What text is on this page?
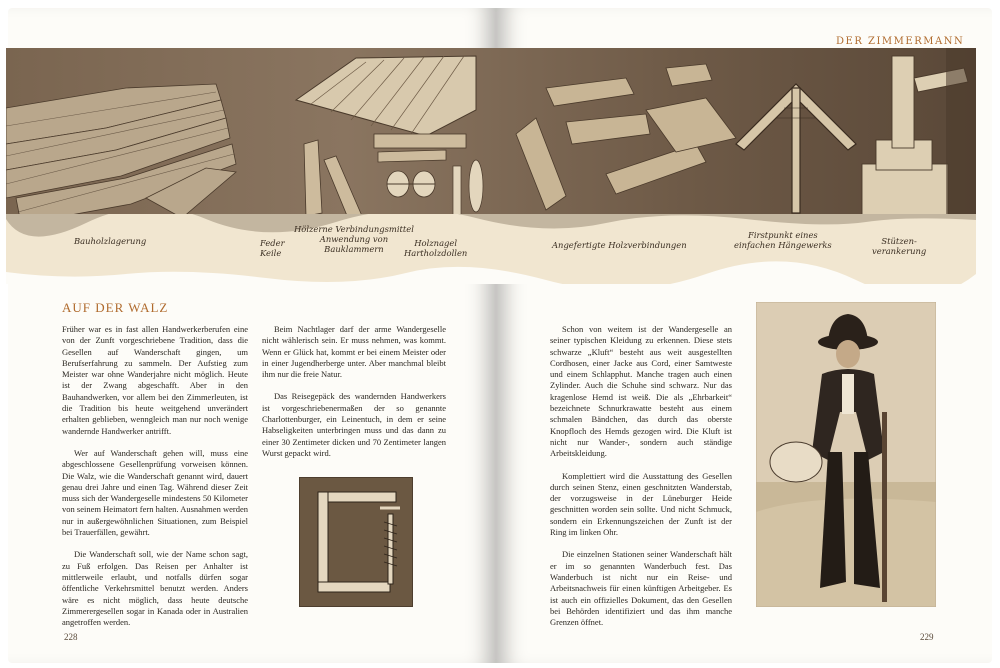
DER ZIMMERMANN
Bauholzlagerung	Feder
Keile
Hölzerne Verbindungsmittel
Anwendung von
Bauklammern
Holznagel
Hartholzdollen
Angefertigte Holzverbindungen
Firstpunkt eines
einfachen Hängewerks	Stützen-
verankerung
AUF DER WALZ

Früher war es in fast allen Handwerkerberufen eine von der Zunft vorgeschriebene Tradition, dass die Gesellen auf Wanderschaft gingen, um Berufserfahrung zu sammeln. Der Aufstieg zum Meister war ohne Wanderjahre nicht möglich. Heute ist der Zwang abgeschafft. Aber in den Bauhandwerken, vor allem bei den Zimmerleuten, ist die Tradition bis heute weitgehend unverändert erhalten geblieben, wenngleich man nur noch wenige wandernde Handwerker antrifft.

Wer auf Wanderschaft gehen will, muss eine abgeschlossene Gesellenprüfung vorweisen können. Die Walz, wie die Wanderschaft genannt wird, dauert genau drei Jahre und einen Tag. Während dieser Zeit muss sich der Wandergeselle mindestens 50 Kilometer von seinem Heimatort fern halten. Ausnahmen werden nur in außergewöhnlichen Situationen, zum Beispiel bei Trauerfällen, gewährt.

Die Wanderschaft soll, wie der Name schon sagt, zu Fuß erfolgen. Das Reisen per Anhalter ist mittlerweile erlaubt, und notfalls dürfen sogar öffentliche Verkehrsmittel benutzt werden. Anders wäre es nicht möglich, dass heute deutsche Zimmerergesellen sogar in Kanada oder in Australien angetroffen werden.

Beim Nachtlager darf der arme Wandergeselle nicht wählerisch sein. Er muss nehmen, was kommt. Wenn er Glück hat, kommt er bei einem Meister oder in einer Jugendherberge unter. Aber manchmal bleibt ihm nur die freie Natur.

Das Reisegepäck des wandernden Handwerkers ist vorgeschriebenermaßen der so genannte Charlottenburger, ein Leinentuch, in dem er seine Habseligkeiten unterbringen muss und das dann zu einer 30 Zentimeter dicken und 70 Zentimeter langen Wurst gepackt wird.

Schon von weitem ist der Wandergeselle an seiner typischen Kleidung zu erkennen. Diese stets schwarze „Kluft“ besteht aus weit ausgestellten Cordhosen, einer Jacke aus Cord, einer Samtweste und einem Schlapphut. Manche tragen auch einen Zylinder. Auch die Schuhe sind schwarz. Nur das kragenlose Hemd ist weiß. Die als „Ehrbarkeit“ bezeichnete Schnurkrawatte besteht aus einem schmalen Bändchen, das durch das oberste Knopfloch des Hemds gezogen wird. Die Kluft ist nicht nur Wander-, sondern auch ständige Arbeitskleidung.

Komplettiert wird die Ausstattung des Gesellen durch seinen Stenz, einen geschnitzten Wanderstab, der vorzugsweise in der Lüneburger Heide geschnitten worden sein sollte. Und nicht Schmuck, sondern ein Erkennungszeichen der Zunft ist der Ring im linken Ohr.

Die einzelnen Stationen seiner Wanderschaft hält er im so genannten Wanderbuch fest. Das Wanderbuch ist nicht nur ein Reise- und Arbeitsnachweis für einen künftigen Arbeitgeber. Es ist auch ein offizielles Dokument, das den Gesellen bei Behörden identifiziert und das ihm manche Grenzen öffnet.

228	229
